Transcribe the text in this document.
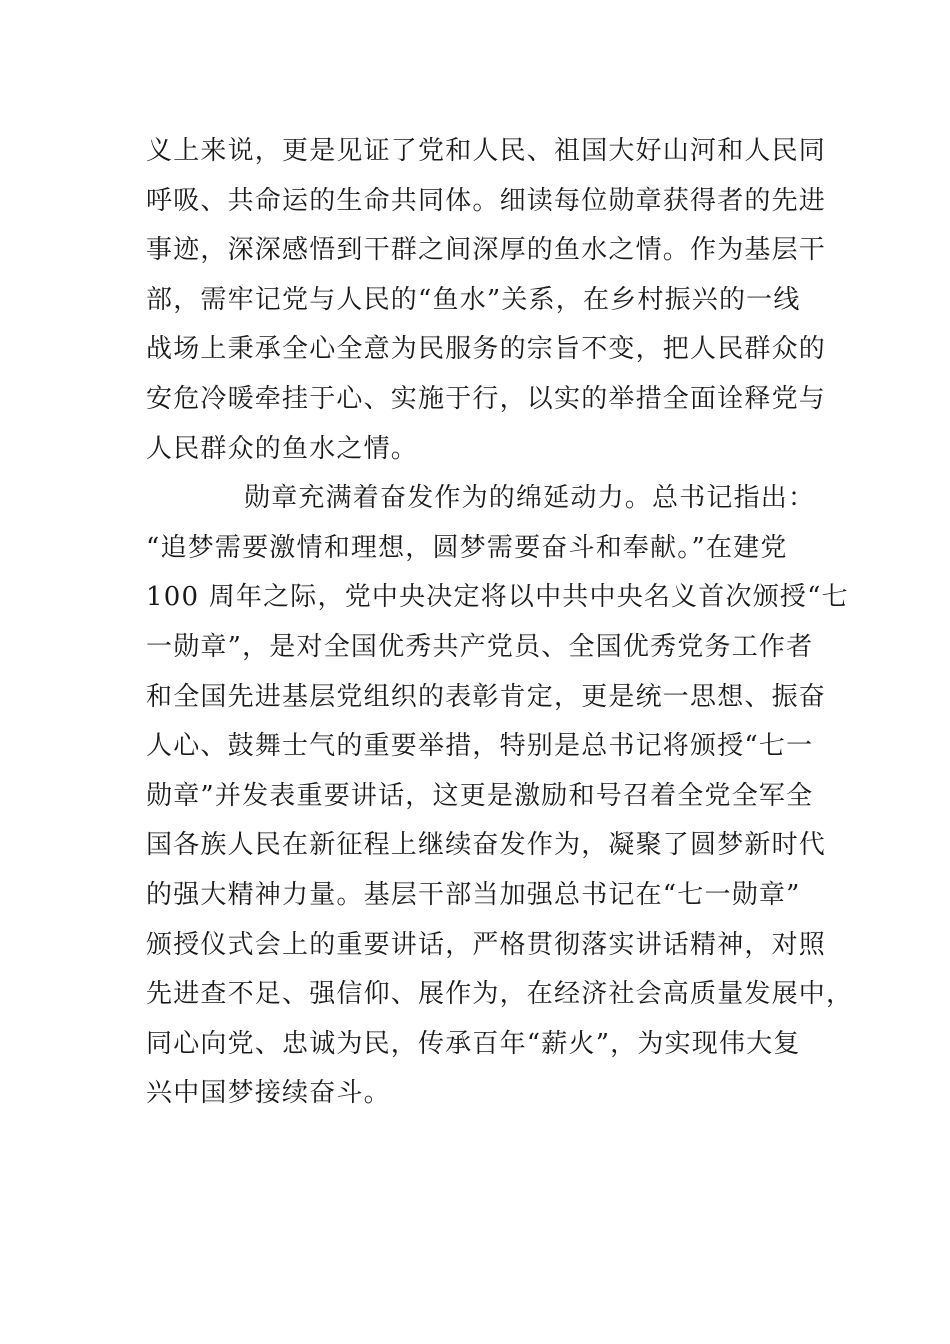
义上来说，更是见证了党和人民、祖国大好山河和人民同
呼吸、共命运的生命共同体。细读每位勋章获得者的先进
事迹，深深感悟到干群之间深厚的鱼水之情。作为基层干
部，需牢记党与人民的“鱼水”关系，在乡村振兴的一线
战场上秉承全心全意为民服务的宗旨不变，把人民群众的
安危冷暖牵挂于心、实施于行，以实的举措全面诠释党与
人民群众的鱼水之情。
勋章充满着奋发作为的绵延动力。总书记指出：
“追梦需要激情和理想，圆梦需要奋斗和奉献。”在建党
100 周年之际，党中央决定将以中共中央名义首次颁授“七
一勋章”，是对全国优秀共产党员、全国优秀党务工作者
和全国先进基层党组织的表彰肯定，更是统一思想、振奋
人心、鼓舞士气的重要举措，特别是总书记将颁授“七一
勋章”并发表重要讲话，这更是激励和号召着全党全军全
国各族人民在新征程上继续奋发作为，凝聚了圆梦新时代
的强大精神力量。基层干部当加强总书记在“七一勋章”
颁授仪式会上的重要讲话，严格贯彻落实讲话精神，对照
先进查不足、强信仰、展作为，在经济社会高质量发展中，
同心向党、忠诚为民，传承百年“薪火”，为实现伟大复
兴中国梦接续奋斗。
